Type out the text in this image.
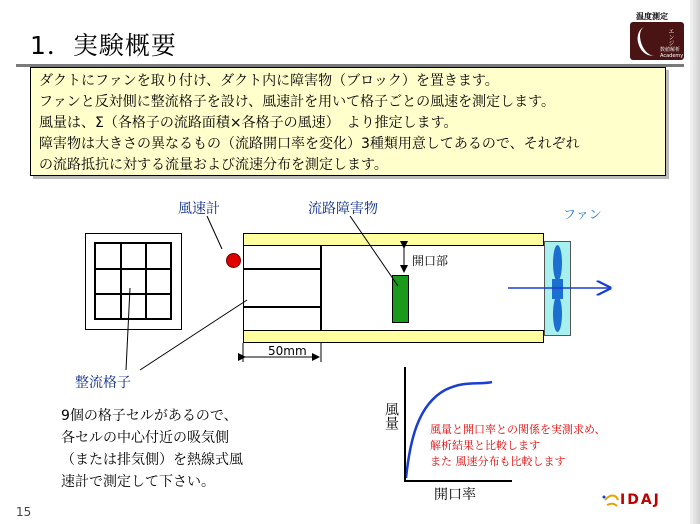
1．実験概要
温度測定
エンジ
数値解析
Academy
ダクトにファンを取り付け、ダクト内に障害物（ブロック）を置きます。
ファンと反対側に整流格子を設け、風速計を用いて格子ごとの風速を測定します。
風量は、Σ（各格子の流路面積×各格子の風速）　より推定します。
障害物は大きさの異なるもの（流路開口率を変化）3種類用意してあるので、それぞれ
の流路抵抗に対する流量および流速分布を測定します。
風速計	流路障害物	ファン
開口部
50mm
整流格子
9個の格子セルがあるので、
各セルの中心付近の吸気側
（または排気側）を熱線式風
速計で測定して下さい。
風量
開口率
風量と開口率との関係を実測求め、
解析結果と比較します
また 風速分布も比較します
15
IDAJ
